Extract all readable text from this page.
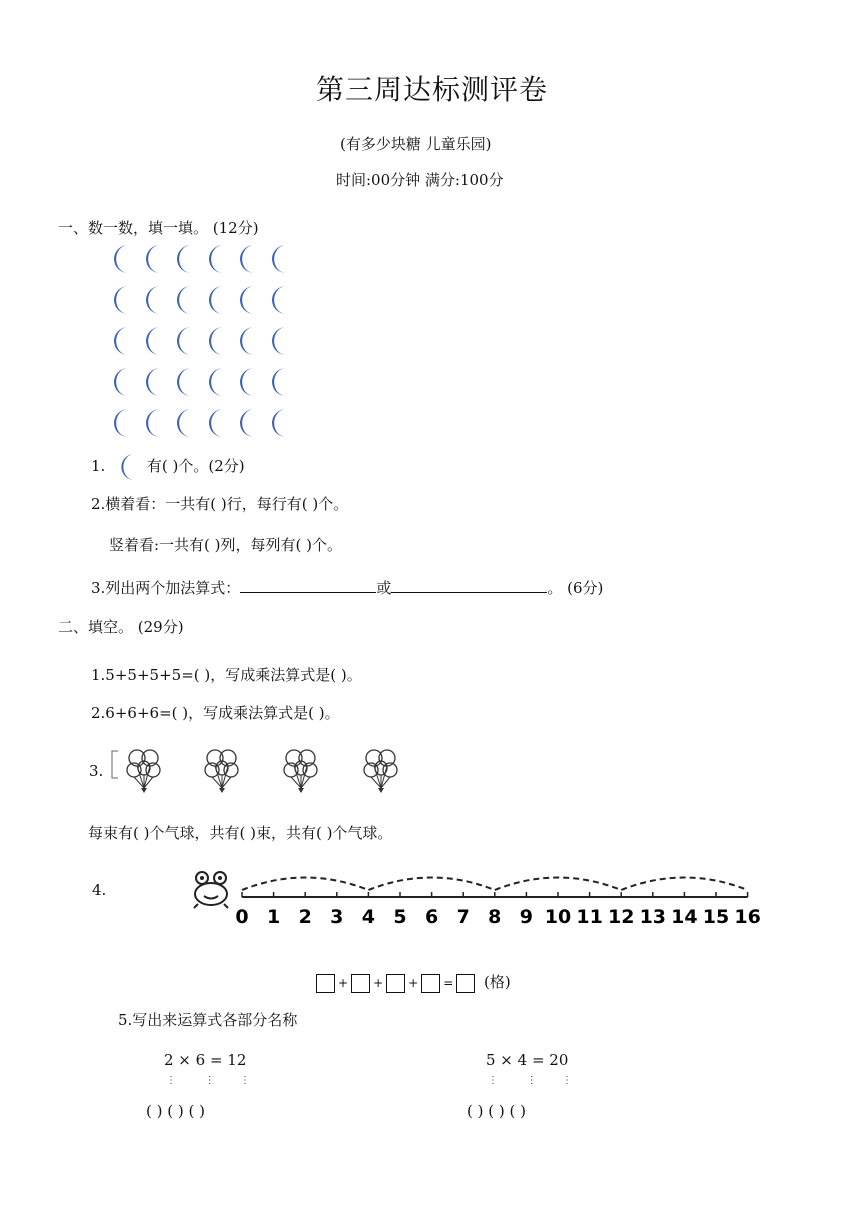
第三周达标测评卷
(有多少块糖 儿童乐园)
时间:00分钟 满分:100分
一、数一数，填一填。 (12分)
1.	有( )个。(2分)
2.横着看：一共有( )行，每行有( )个。
竖着看:一共有( )列，每列有( )个。
3.列出两个加法算式：	或	。 (6分)
二、填空。 (29分)
1.5+5+5+5=( )，写成乘法算式是( )。
2.6+6+6=( )，写成乘法算式是( )。
3.
每束有( )个气球，共有( )束，共有( )个气球。
4.
0 1 2 3 4 5 6 7 8 9 10 11 12 13 14 15 16
+ + + = (格)
5.写出来运算式各部分名称
2 × 6 = 12
⋮         ⋮        ⋮
( ) ( ) ( )
5 × 4 = 20
⋮         ⋮        ⋮
( ) ( ) ( )
